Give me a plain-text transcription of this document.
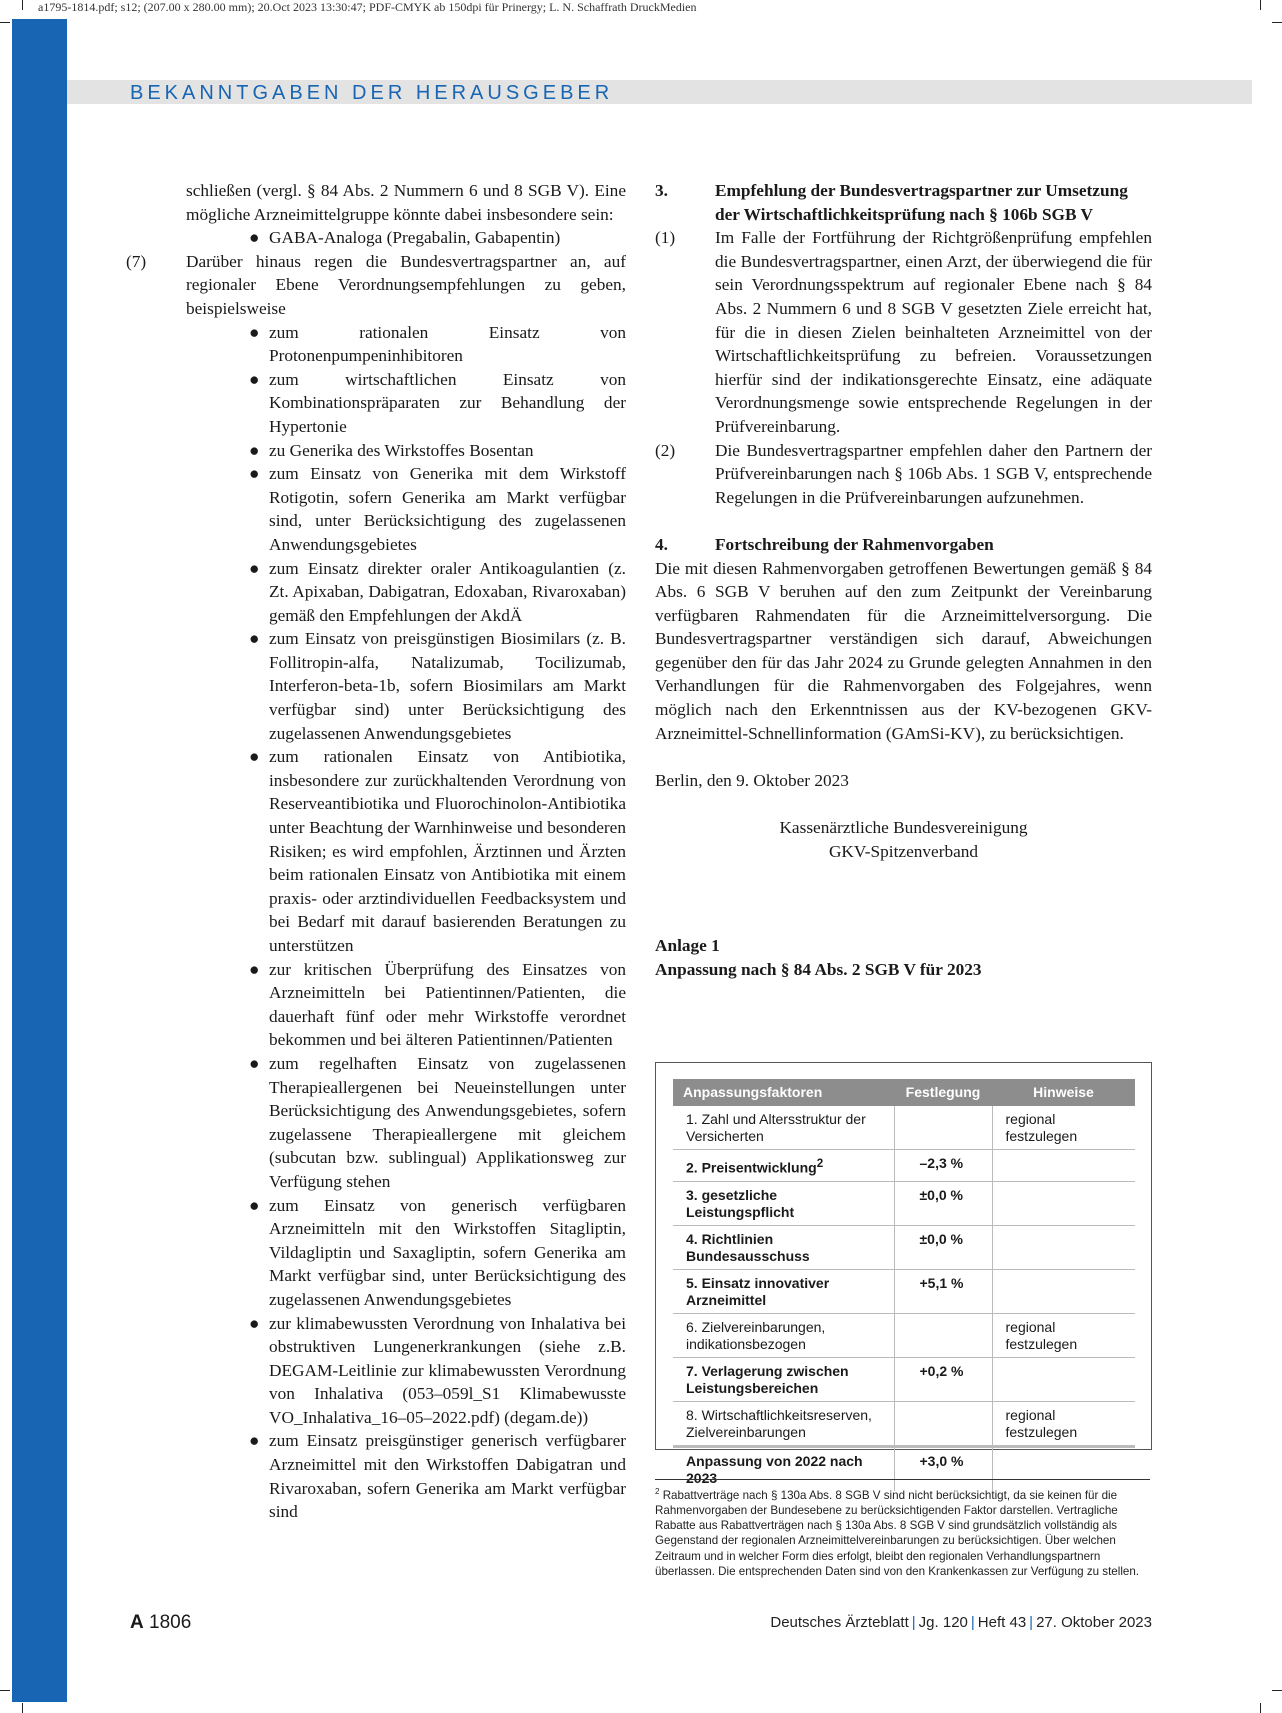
a1795-1814.pdf; s12; (207.00 x 280.00 mm); 20.Oct 2023 13:30:47; PDF-CMYK ab 150dpi für Prinergy; L. N. Schaffrath DruckMedien
BEKANNTGABEN DER HERAUSGEBER

schließen (vergl. § 84 Abs. 2 Nummern 6 und 8 SGB V). Eine mögliche Arzneimittelgruppe könnte dabei insbesondere sein:

● GABA-Analoga (Pregabalin, Gabapentin)
(7)	Darüber hinaus regen die Bundesvertragspartner an, auf regionaler Ebene Verordnungsempfehlungen zu geben, beispielsweise
● zum rationalen Einsatz von Protonenpumpeninhibitoren
● zum wirtschaftlichen Einsatz von Kombinationspräparaten zur Behandlung der Hypertonie
● zu Generika des Wirkstoffes Bosentan
● zum Einsatz von Generika mit dem Wirkstoff Rotigotin, sofern Generika am Markt verfügbar sind, unter Berücksichtigung des zugelassenen Anwendungsgebietes
● zum Einsatz direkter oraler Antikoagulantien (z. Zt. Apixaban, Dabigatran, Edoxaban, Rivaroxaban) gemäß den Empfehlungen der AkdÄ
● zum Einsatz von preisgünstigen Biosimilars (z. B. Follitropin-alfa, Natalizumab, Tocilizumab, Interferon-beta-1b, sofern Biosimilars am Markt verfügbar sind) unter Berücksichtigung des zugelassenen Anwendungsgebietes
● zum rationalen Einsatz von Antibiotika, insbesondere zur zurückhaltenden Verordnung von Reserveantibiotika und Fluorochinolon-Antibiotika unter Beachtung der Warnhinweise und besonderen Risiken; es wird empfohlen, Ärztinnen und Ärzten beim rationalen Einsatz von Antibiotika mit einem praxis- oder arztindividuellen Feedbacksystem und bei Bedarf mit darauf basierenden Beratungen zu unterstützen
● zur kritischen Überprüfung des Einsatzes von Arzneimitteln bei Patientinnen/Patienten, die dauerhaft fünf oder mehr Wirkstoffe verordnet bekommen und bei älteren Patientinnen/Patienten
● zum regelhaften Einsatz von zugelassenen Therapieallergenen bei Neueinstellungen unter Berücksichtigung des Anwendungsgebietes, sofern zugelassene Therapieallergene mit gleichem (subcutan bzw. sublingual) Applikationsweg zur Verfügung stehen
● zum Einsatz von generisch verfügbaren Arzneimitteln mit den Wirkstoffen Sitagliptin, Vildagliptin und Saxagliptin, sofern Generika am Markt verfügbar sind, unter Berücksichtigung des zugelassenen Anwendungsgebietes
● zur klimabewussten Verordnung von Inhalativa bei obstruktiven Lungenerkrankungen (siehe z.B. DEGAM-Leitlinie zur klimabewussten Verordnung von Inhalativa (053–059l_S1 Klimabewusste VO_Inhalativa_16–05–2022.pdf) (degam.de))
● zum Einsatz preisgünstiger generisch verfügbarer Arzneimittel mit den Wirkstoffen Dabigatran und Rivaroxaban, sofern Generika am Markt verfügbar sind
3.	Empfehlung der Bundesvertragspartner zur Umsetzung der Wirtschaftlichkeitsprüfung nach § 106b SGB V
(1)	Im Falle der Fortführung der Richtgrößenprüfung empfehlen die Bundesvertragspartner, einen Arzt, der überwiegend die für sein Verordnungsspektrum auf regionaler Ebene nach § 84 Abs. 2 Nummern 6 und 8 SGB V gesetzten Ziele erreicht hat, für die in diesen Zielen beinhalteten Arzneimittel von der Wirtschaftlichkeitsprüfung zu befreien. Voraussetzungen hierfür sind der indikationsgerechte Einsatz, eine adäquate Verordnungsmenge sowie entsprechende Regelungen in der Prüfvereinbarung.
(2)	Die Bundesvertragspartner empfehlen daher den Partnern der Prüfvereinbarungen nach § 106b Abs. 1 SGB V, entsprechende Regelungen in die Prüfvereinbarungen aufzunehmen.
4.	Fortschreibung der Rahmenvorgaben

Die mit diesen Rahmenvorgaben getroffenen Bewertungen gemäß § 84 Abs. 6 SGB V beruhen auf den zum Zeitpunkt der Vereinbarung verfügbaren Rahmendaten für die Arzneimittelversorgung. Die Bundesvertragspartner verständigen sich darauf, Abweichungen gegenüber den für das Jahr 2024 zu Grunde gelegten Annahmen in den Verhandlungen für die Rahmenvorgaben des Folgejahres, wenn möglich nach den Erkenntnissen aus der KV-bezogenen GKV-Arzneimittel-Schnellinformation (GAmSi-KV), zu berücksichtigen.

Berlin, den 9. Oktober 2023

Kassenärztliche Bundesvereinigung

GKV-Spitzenverband

Anlage 1

Anpassung nach § 84 Abs. 2 SGB V für 2023

Anpassungsfaktoren	Festlegung	Hinweise
1. Zahl und Altersstruktur der Versicherten		regional festzulegen
2. Preisentwicklung$^2$	–2,3 %	
3. gesetzliche Leistungspflicht	±0,0 %	
4. Richtlinien Bundesausschuss	±0,0 %	
5. Einsatz innovativer Arzneimittel	+5,1 %	
6. Zielvereinbarungen, indikationsbezogen		regional festzulegen
7. Verlagerung zwischen Leistungsbereichen	+0,2 %	
8. Wirtschaftlichkeitsreserven, Zielvereinbarungen		regional festzulegen
Anpassung von 2022 nach 2023	+3,0 %	
$^2$ Rabattverträge nach § 130a Abs. 8 SGB V sind nicht berücksichtigt, da sie keinen für die Rahmenvorgaben der Bundesebene zu berücksichtigenden Faktor darstellen. Vertragliche Rabatte aus Rabattverträgen nach § 130a Abs. 8 SGB V sind grundsätzlich vollständig als Gegenstand der regionalen Arzneimittelvereinbarungen zu berücksichtigen. Über welchen Zeitraum und in welcher Form dies erfolgt, bleibt den regionalen Verhandlungspartnern überlassen. Die entsprechenden Daten sind von den Krankenkassen zur Verfügung zu stellen.
A 1806	Deutsches Ärzteblatt | Jg. 120 | Heft 43 | 27. Oktober 2023
